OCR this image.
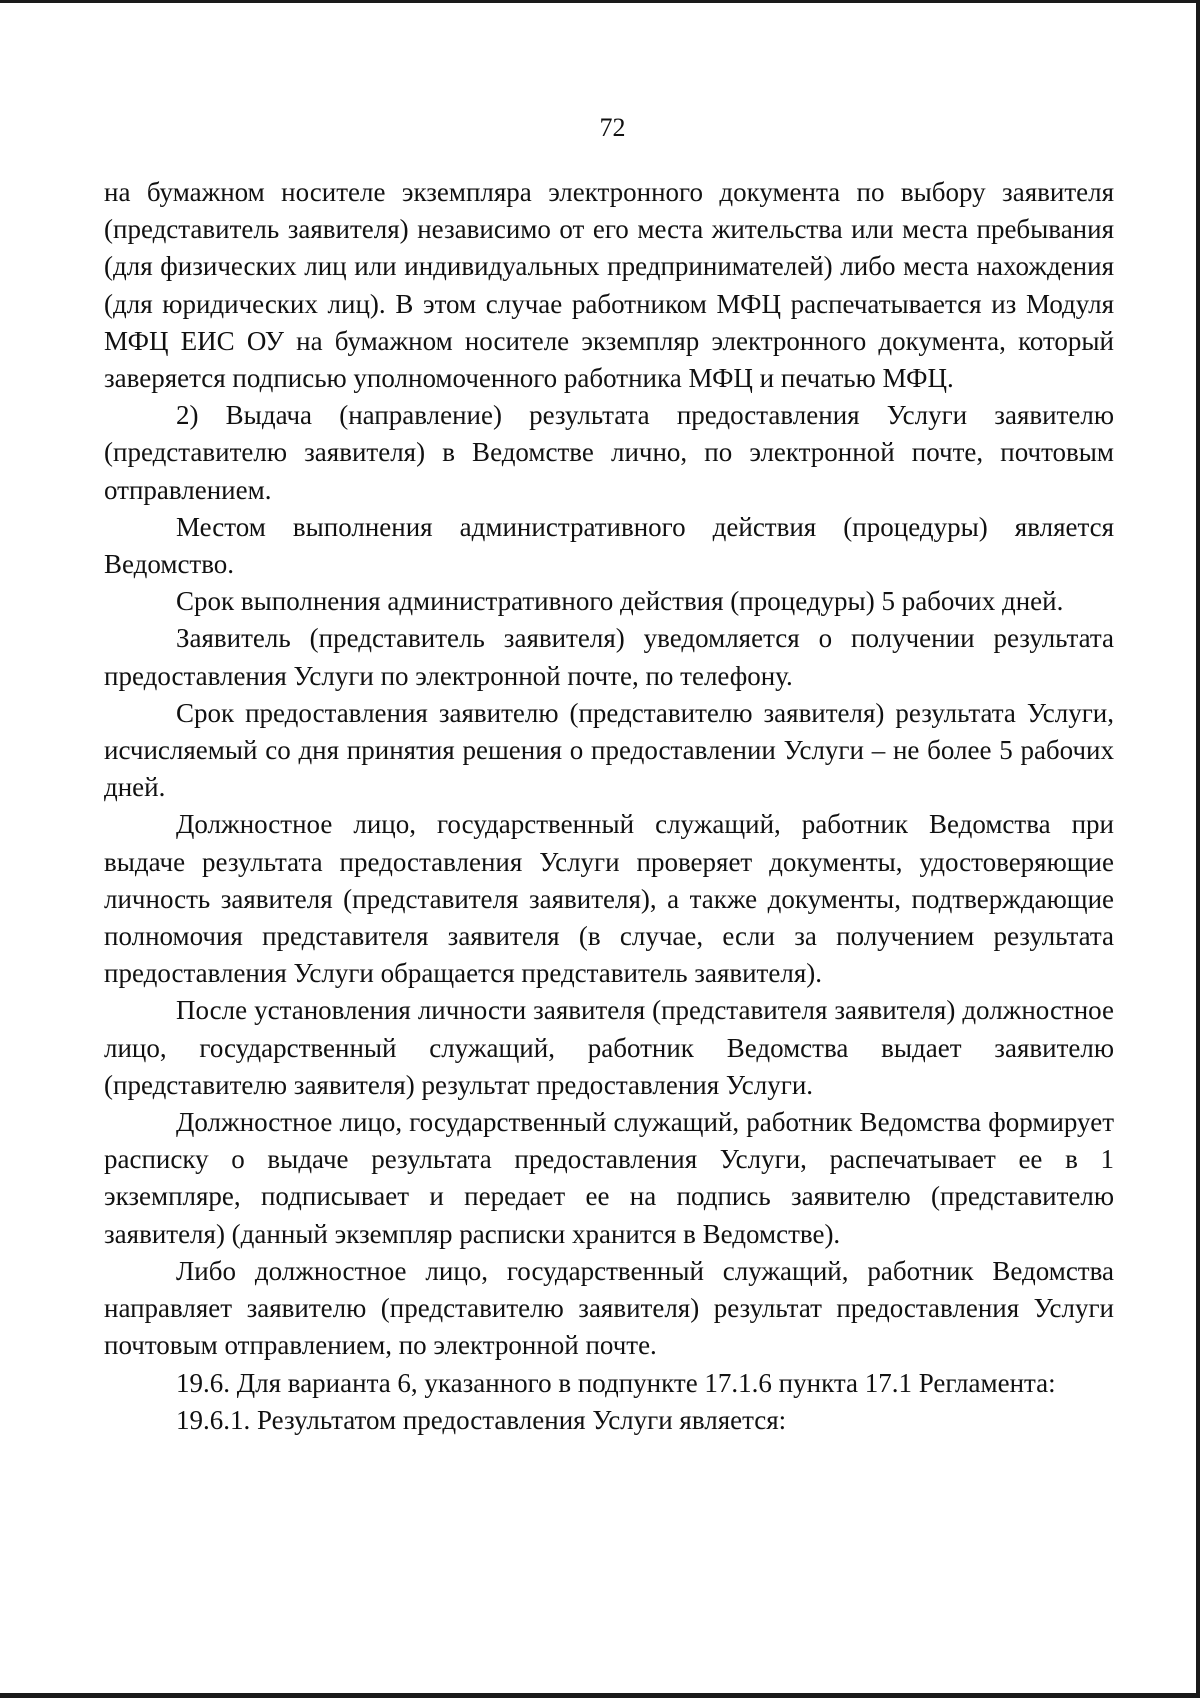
72

на бумажном носителе экземпляра электронного документа по выбору заявителя (представитель заявителя) независимо от его места жительства или места пребывания (для физических лиц или индивидуальных предпринимателей) либо места нахождения (для юридических лиц). В этом случае работником МФЦ распечатывается из Модуля МФЦ ЕИС ОУ на бумажном носителе экземпляр электронного документа, который заверяется подписью уполномоченного работника МФЦ и печатью МФЦ.

2) Выдача (направление) результата предоставления Услуги заявителю (представителю заявителя) в Ведомстве лично, по электронной почте, почтовым отправлением.

Местом выполнения административного действия (процедуры) является Ведомство.

Срок выполнения административного действия (процедуры) 5 рабочих дней.

Заявитель (представитель заявителя) уведомляется о получении результата предоставления Услуги по электронной почте, по телефону.

Срок предоставления заявителю (представителю заявителя) результата Услуги, исчисляемый со дня принятия решения о предоставлении Услуги – не более 5 рабочих дней.

Должностное лицо, государственный служащий, работник Ведомства при выдаче результата предоставления Услуги проверяет документы, удостоверяющие личность заявителя (представителя заявителя), а также документы, подтверждающие полномочия представителя заявителя (в случае, если за получением результата предоставления Услуги обращается представитель заявителя).

После установления личности заявителя (представителя заявителя) должностное лицо, государственный служащий, работник Ведомства выдает заявителю (представителю заявителя) результат предоставления Услуги.

Должностное лицо, государственный служащий, работник Ведомства формирует расписку о выдаче результата предоставления Услуги, распечатывает ее в 1 экземпляре, подписывает и передает ее на подпись заявителю (представителю заявителя) (данный экземпляр расписки хранится в Ведомстве).

Либо должностное лицо, государственный служащий, работник Ведомства направляет заявителю (представителю заявителя) результат предоставления Услуги почтовым отправлением, по электронной почте.

19.6. Для варианта 6, указанного в подпункте 17.1.6 пункта 17.1 Регламента:

19.6.1. Результатом предоставления Услуги является:
